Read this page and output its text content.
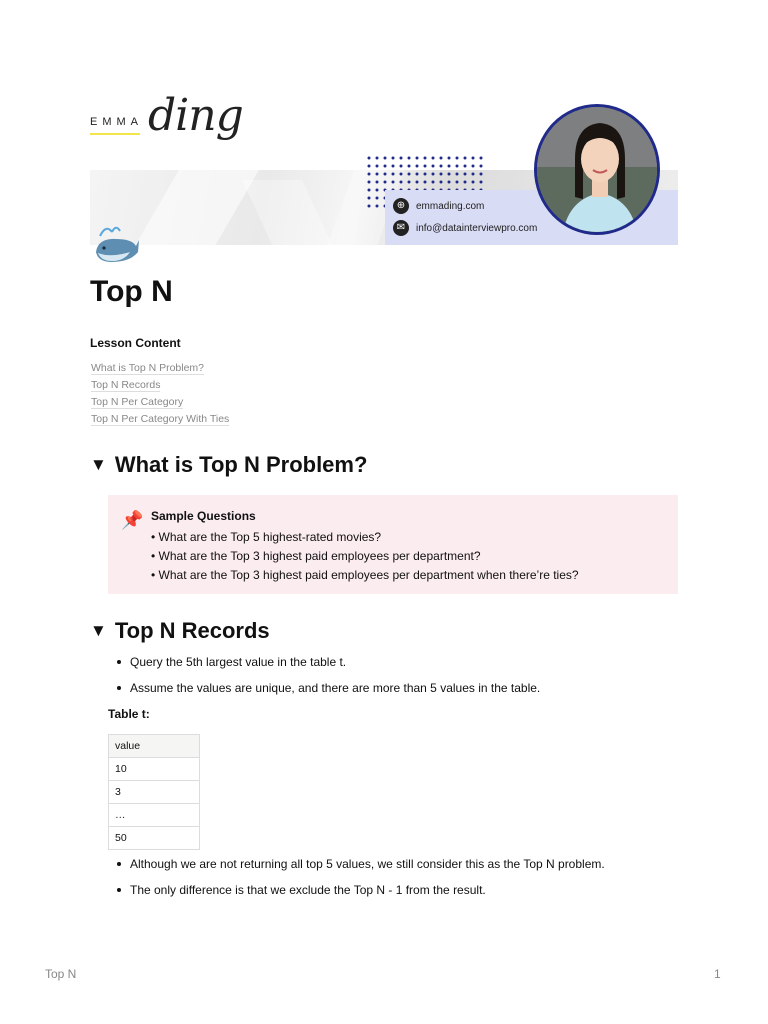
EMMA ding
⊕	emmading.com
✉	info@datainterviewpro.com
Top N
Lesson Content
What is Top N Problem?
Top N Records
Top N Per Category
Top N Per Category With Ties
▼ What is Top N Problem?
📌 Sample Questions
• What are the Top 5 highest-rated movies?
• What are the Top 3 highest paid employees per department?
• What are the Top 3 highest paid employees per department when there’re ties?
▼ Top N Records
Query the 5th largest value in the table t.
Assume the values are unique, and there are more than 5 values in the table.
Table t:
value
10
3
…
50
Although we are not returning all top 5 values, we still consider this as the Top N problem.
The only difference is that we exclude the Top N - 1 from the result.
Top N	1
